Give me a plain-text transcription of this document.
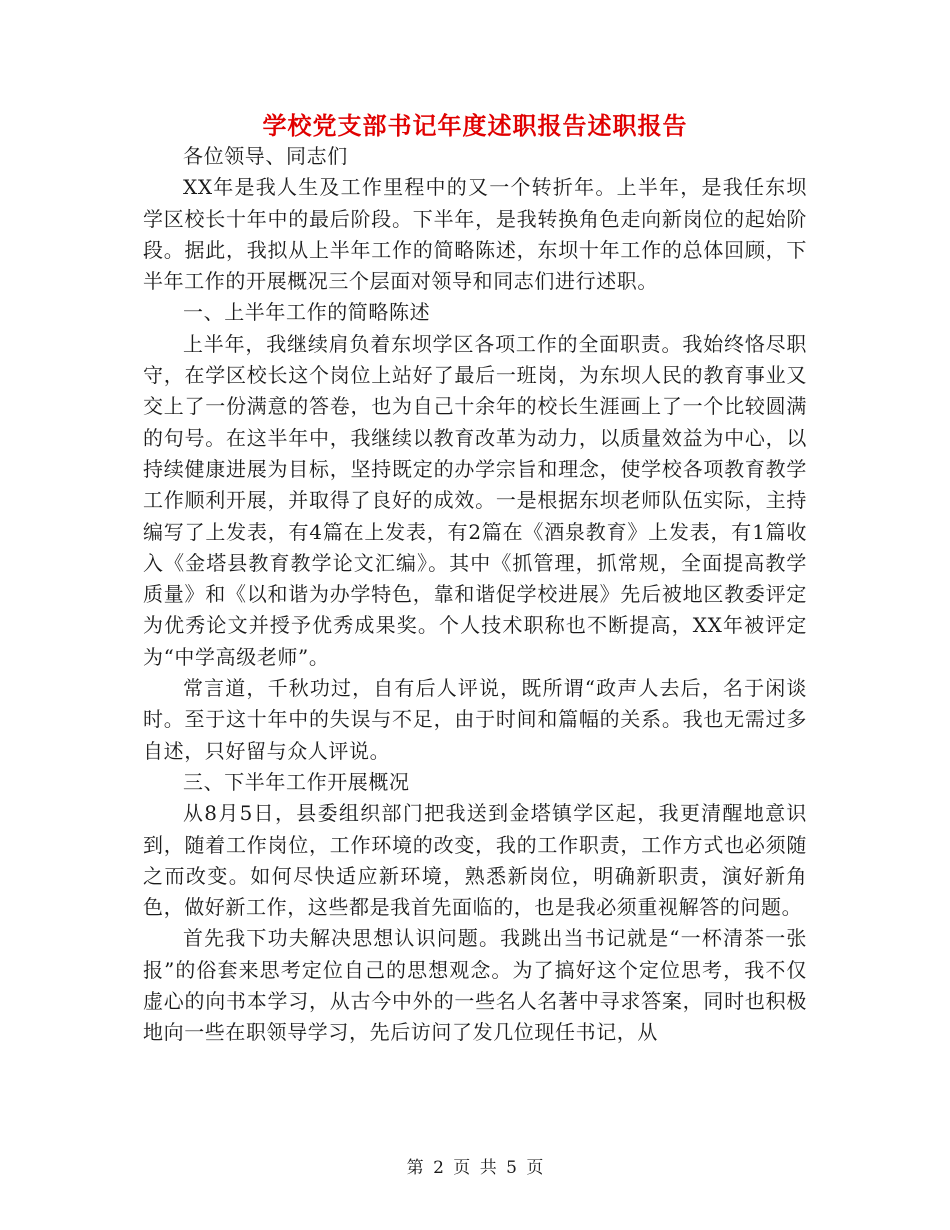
学校党支部书记年度述职报告述职报告

各位领导、同志们

XX年是我人生及工作里程中的又一个转折年。上半年，是我任东坝学区校长十年中的最后阶段。下半年，是我转换角色走向新岗位的起始阶段。据此，我拟从上半年工作的简略陈述，东坝十年工作的总体回顾，下半年工作的开展概况三个层面对领导和同志们进行述职。

一、上半年工作的简略陈述

上半年，我继续肩负着东坝学区各项工作的全面职责。我始终恪尽职守，在学区校长这个岗位上站好了最后一班岗，为东坝人民的教育事业又交上了一份满意的答卷，也为自己十余年的校长生涯画上了一个比较圆满的句号。在这半年中，我继续以教育改革为动力，以质量效益为中心，以持续健康进展为目标，坚持既定的办学宗旨和理念，使学校各项教育教学工作顺利开展，并取得了良好的成效。一是根据东坝老师队伍实际，主持编写了上发表，有4篇在上发表，有2篇在《酒泉教育》上发表，有1篇收入《金塔县教育教学论文汇编》。其中《抓管理，抓常规，全面提高教学质量》和《以和谐为办学特色，靠和谐促学校进展》先后被地区教委评定为优秀论文并授予优秀成果奖。个人技术职称也不断提高，XX年被评定为“中学高级老师”。

常言道，千秋功过，自有后人评说，既所谓“政声人去后，名于闲谈时。至于这十年中的失误与不足，由于时间和篇幅的关系。我也无需过多自述，只好留与众人评说。

三、下半年工作开展概况

从8月5日，县委组织部门把我送到金塔镇学区起，我更清醒地意识到，随着工作岗位，工作环境的改变，我的工作职责，工作方式也必须随之而改变。如何尽快适应新环境，熟悉新岗位，明确新职责，演好新角色，做好新工作，这些都是我首先面临的，也是我必须重视解答的问题。

首先我下功夫解决思想认识问题。我跳出当书记就是“一杯清茶一张报”的俗套来思考定位自己的思想观念。为了搞好这个定位思考，我不仅虚心的向书本学习，从古今中外的一些名人名著中寻求答案，同时也积极地向一些在职领导学习，先后访问了发几位现任书记，从

第 2 页 共 5 页
